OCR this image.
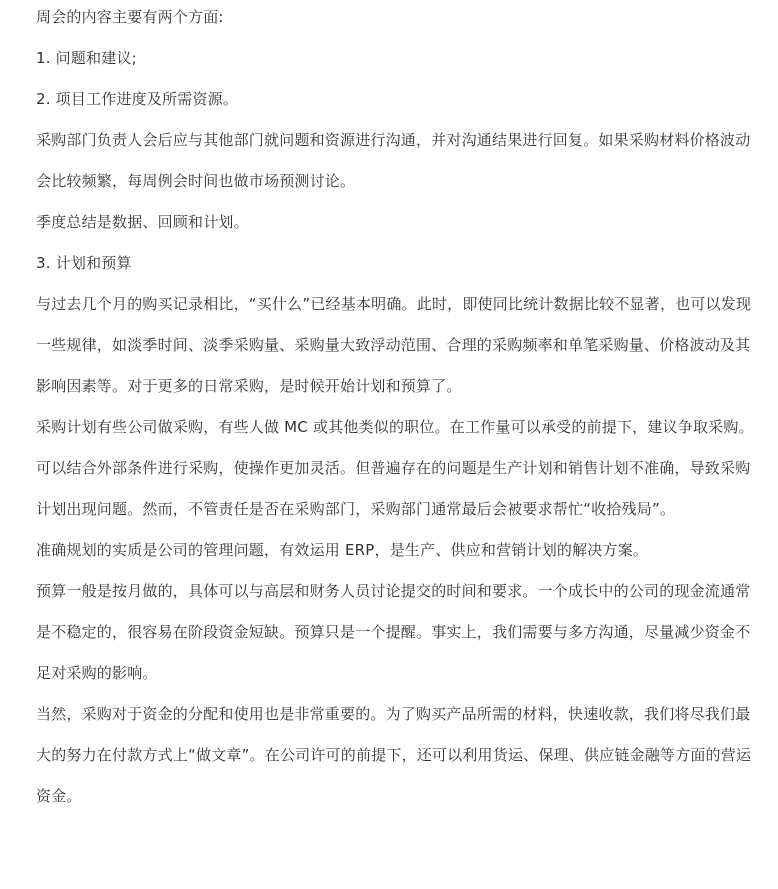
周会的内容主要有两个方面:

1. 问题和建议;

2. 项目工作进度及所需资源。

采购部门负责人会后应与其他部门就问题和资源进行沟通，并对沟通结果进行回复。如果采购材料价格波动会比较频繁，每周例会时间也做市场预测讨论。

季度总结是数据、回顾和计划。

3. 计划和预算

与过去几个月的购买记录相比，“买什么”已经基本明确。此时，即使同比统计数据比较不显著，也可以发现一些规律，如淡季时间、淡季采购量、采购量大致浮动范围、合理的采购频率和单笔采购量、价格波动及其影响因素等。对于更多的日常采购，是时候开始计划和预算了。

采购计划有些公司做采购，有些人做 MC 或其他类似的职位。在工作量可以承受的前提下，建议争取采购。可以结合外部条件进行采购，使操作更加灵活。但普遍存在的问题是生产计划和销售计划不准确，导致采购计划出现问题。然而，不管责任是否在采购部门，采购部门通常最后会被要求帮忙“收拾残局”。

准确规划的实质是公司的管理问题，有效运用 ERP，是生产、供应和营销计划的解决方案。

预算一般是按月做的，具体可以与高层和财务人员讨论提交的时间和要求。一个成长中的公司的现金流通常是不稳定的，很容易在阶段资金短缺。预算只是一个提醒。事实上，我们需要与多方沟通，尽量减少资金不足对采购的影响。

当然，采购对于资金的分配和使用也是非常重要的。为了购买产品所需的材料，快速收款，我们将尽我们最大的努力在付款方式上“做文章”。在公司许可的前提下，还可以利用货运、保理、供应链金融等方面的营运资金。
